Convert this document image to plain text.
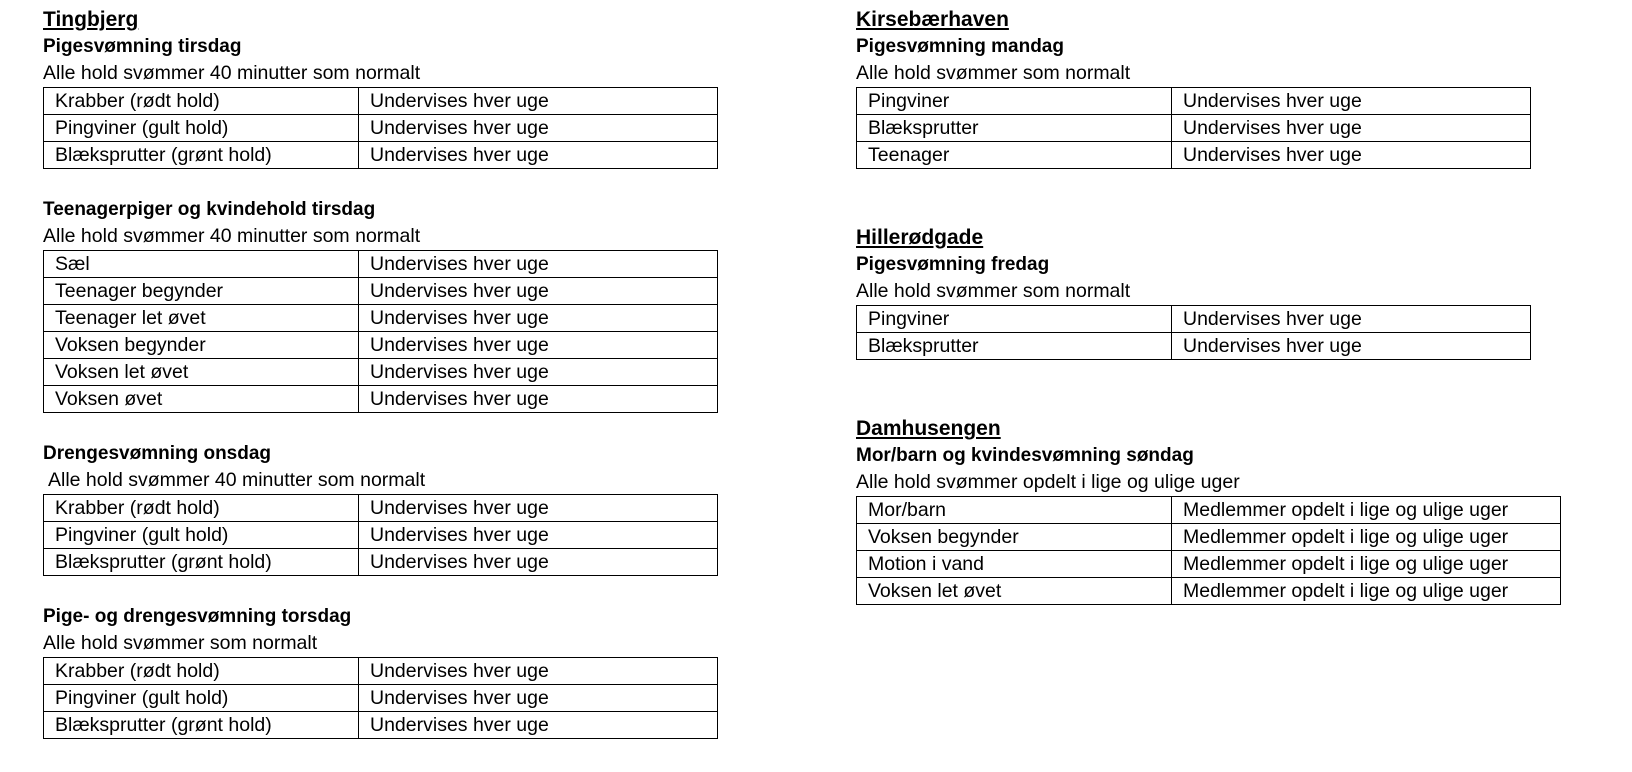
Tingbjerg
Pigesvømning tirsdag
Alle hold svømmer 40 minutter som normalt
Krabber (rødt hold)	Undervises hver uge
Pingviner (gult hold)	Undervises hver uge
Blæksprutter (grønt hold)	Undervises hver uge
Teenagerpiger og kvindehold tirsdag
Alle hold svømmer 40 minutter som normalt
Sæl	Undervises hver uge
Teenager begynder	Undervises hver uge
Teenager let øvet	Undervises hver uge
Voksen begynder	Undervises hver uge
Voksen let øvet	Undervises hver uge
Voksen øvet	Undervises hver uge
Drengesvømning onsdag
Alle hold svømmer 40 minutter som normalt
Krabber (rødt hold)	Undervises hver uge
Pingviner (gult hold)	Undervises hver uge
Blæksprutter (grønt hold)	Undervises hver uge
Pige- og drengesvømning torsdag
Alle hold svømmer som normalt
Krabber (rødt hold)	Undervises hver uge
Pingviner (gult hold)	Undervises hver uge
Blæksprutter (grønt hold)	Undervises hver uge
Kirsebærhaven
Pigesvømning mandag
Alle hold svømmer som normalt
Pingviner	Undervises hver uge
Blæksprutter	Undervises hver uge
Teenager	Undervises hver uge
Hillerødgade
Pigesvømning fredag
Alle hold svømmer som normalt
Pingviner	Undervises hver uge
Blæksprutter	Undervises hver uge
Damhusengen
Mor/barn og kvindesvømning søndag
Alle hold svømmer opdelt i lige og ulige uger
Mor/barn	Medlemmer opdelt i lige og ulige uger
Voksen begynder	Medlemmer opdelt i lige og ulige uger
Motion i vand	Medlemmer opdelt i lige og ulige uger
Voksen let øvet	Medlemmer opdelt i lige og ulige uger
